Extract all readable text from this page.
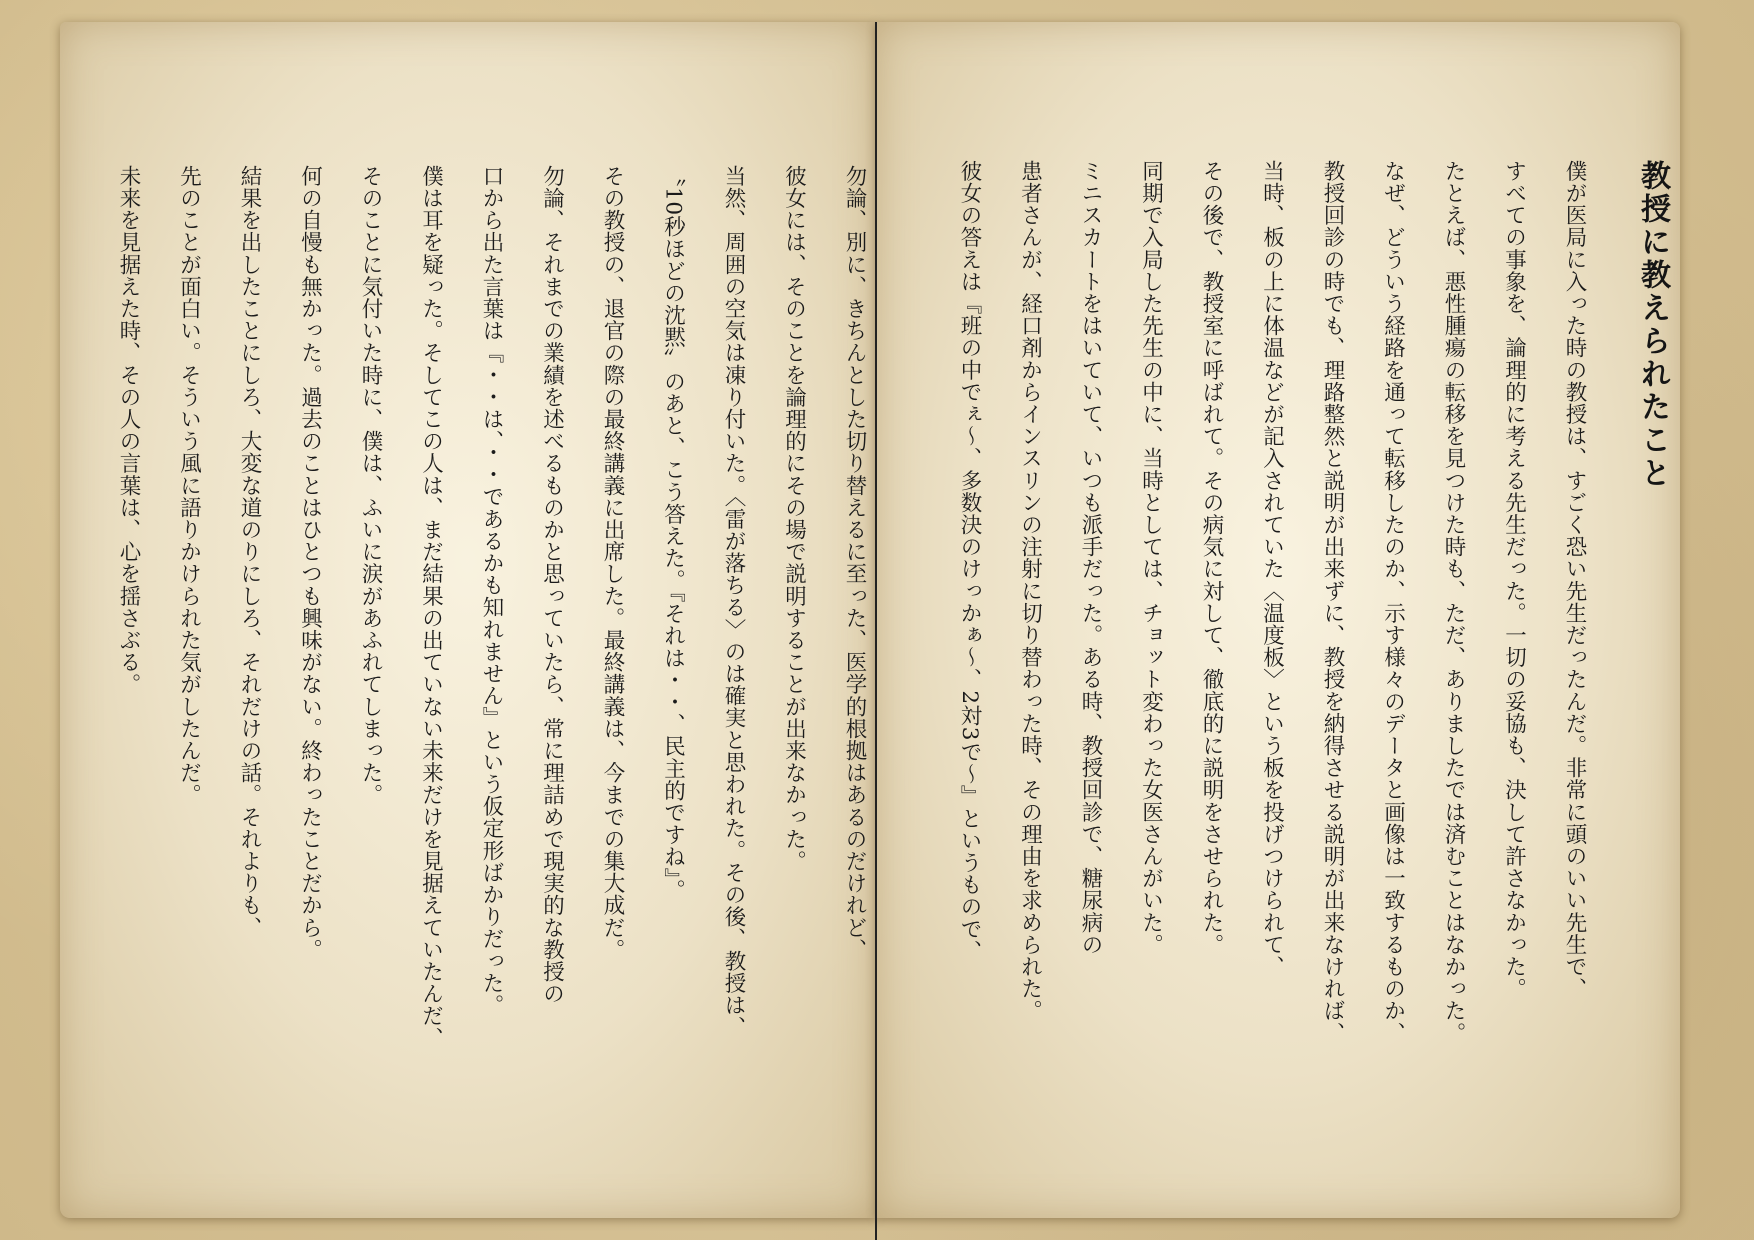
教授に教えられたこと
僕が医局に入った時の教授は、すごく恐い先生だったんだ。非常に頭のいい先生で、
すべての事象を、論理的に考える先生だった。一切の妥協も、決して許さなかった。
たとえば、悪性腫瘍の転移を見つけた時も、ただ、ありましたでは済むことはなかった。
なぜ、どういう経路を通って転移したのか、示す様々のデータと画像は一致するものか、
教授回診の時でも、理路整然と説明が出来ずに、教授を納得させる説明が出来なければ、
当時、板の上に体温などが記入されていた〈温度板〉という板を投げつけられて、
その後で、教授室に呼ばれて。その病気に対して、徹底的に説明をさせられた。
同期で入局した先生の中に、当時としては、チョット変わった女医さんがいた。
ミニスカートをはいていて、いつも派手だった。ある時、教授回診で、糖尿病の
患者さんが、経口剤からインスリンの注射に切り替わった時、その理由を求められた。
彼女の答えは『班の中でぇ～、多数決のけっかぁ～、2対3で～』というもので、
勿論、別に、きちんとした切り替えるに至った、医学的根拠はあるのだけれど、
彼女には、そのことを論理的にその場で説明することが出来なかった。
当然、周囲の空気は凍り付いた。〈雷が落ちる〉のは確実と思われた。その後、教授は、
〝10秒ほどの沈黙〟のあと、こう答えた。『それは・・、民主的ですね』。
その教授の、退官の際の最終講義に出席した。最終講義は、今までの集大成だ。
勿論、それまでの業績を述べるものかと思っていたら、常に理詰めで現実的な教授の
口から出た言葉は『・・は、・・であるかも知れません』という仮定形ばかりだった。
僕は耳を疑った。そしてこの人は、まだ結果の出ていない未来だけを見据えていたんだ、
そのことに気付いた時に、僕は、ふいに涙があふれてしまった。
何の自慢も無かった。過去のことはひとつも興味がない。終わったことだから。
結果を出したことにしろ、大変な道のりにしろ、それだけの話。それよりも、
先のことが面白い。そういう風に語りかけられた気がしたんだ。
未来を見据えた時、その人の言葉は、心を揺さぶる。
